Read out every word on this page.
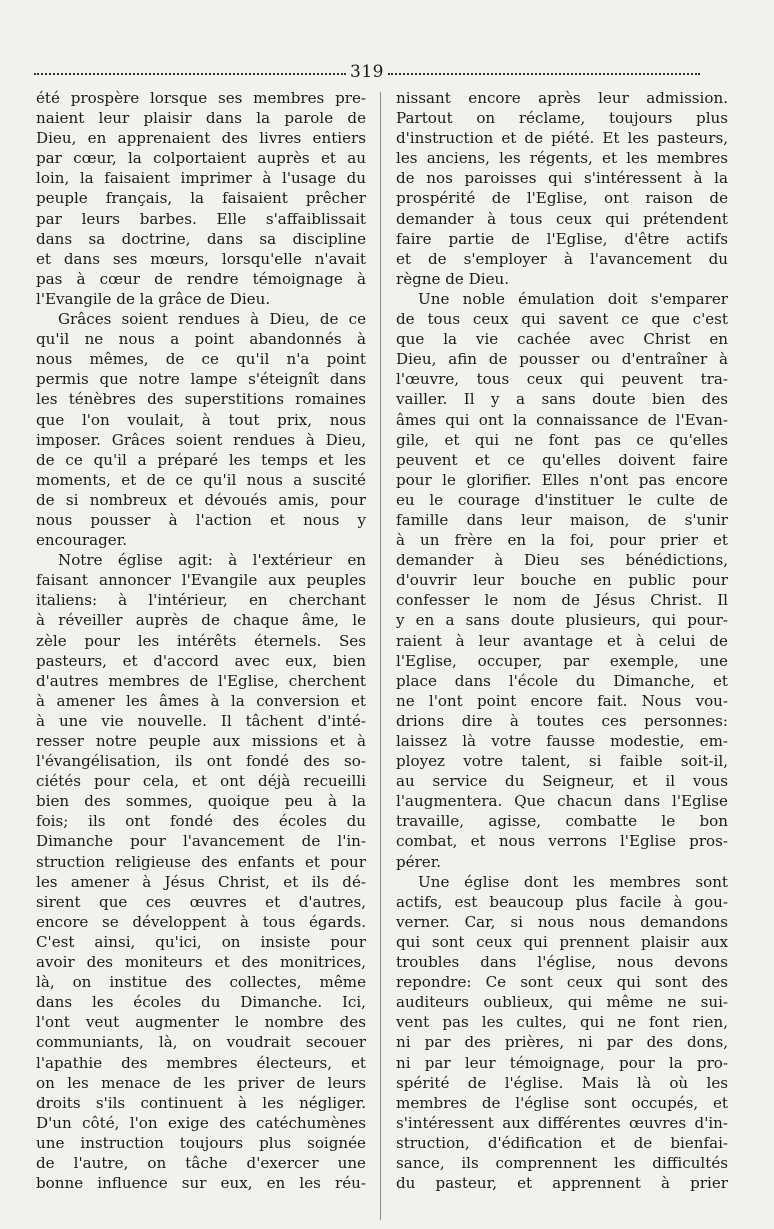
319
été prospère lorsque ses membres pre-
naient leur plaisir dans la parole de
Dieu, en apprenaient des livres entiers
par cœur, la colportaient auprès et au
loin, la faisaient imprimer à l'usage du
peuple français, la faisaient prêcher
par leurs barbes. Elle s'affaiblissait
dans sa doctrine, dans sa discipline
et dans ses mœurs, lorsqu'elle n'avait
pas à cœur de rendre témoignage à
l'Evangile de la grâce de Dieu.
Grâces soient rendues à Dieu, de ce
qu'il ne nous a point abandonnés à
nous mêmes, de ce qu'il n'a point
permis que notre lampe s'éteignît dans
les ténèbres des superstitions romaines
que l'on voulait, à tout prix, nous
imposer. Grâces soient rendues à Dieu,
de ce qu'il a préparé les temps et les
moments, et de ce qu'il nous a suscité
de si nombreux et dévoués amis, pour
nous pousser à l'action et nous y
encourager.
Notre église agit: à l'extérieur en
faisant annoncer l'Evangile aux peuples
italiens: à l'intérieur, en cherchant
à réveiller auprès de chaque âme, le
zèle pour les intérêts éternels. Ses
pasteurs, et d'accord avec eux, bien
d'autres membres de l'Eglise, cherchent
à amener les âmes à la conversion et
à une vie nouvelle. Il tâchent d'inté-
resser notre peuple aux missions et à
l'évangélisation, ils ont fondé des so-
ciétés pour cela, et ont déjà recueilli
bien des sommes, quoique peu à la
fois; ils ont fondé des écoles du
Dimanche pour l'avancement de l'in-
struction religieuse des enfants et pour
les amener à Jésus Christ, et ils dé-
sirent que ces œuvres et d'autres,
encore se développent à tous égards.
C'est ainsi, qu'ici, on insiste pour
avoir des moniteurs et des monitrices,
là, on institue des collectes, même
dans les écoles du Dimanche. Ici,
l'ont veut augmenter le nombre des
communiants, là, on voudrait secouer
l'apathie des membres électeurs, et
on les menace de les priver de leurs
droits s'ils continuent à les négliger.
D'un côté, l'on exige des catéchumènes
une instruction toujours plus soignée
de l'autre, on tâche d'exercer une
bonne influence sur eux, en les réu-
nissant encore après leur admission.
Partout on réclame, toujours plus
d'instruction et de piété. Et les pasteurs,
les anciens, les régents, et les membres
de nos paroisses qui s'intéressent à la
prospérité de l'Eglise, ont raison de
demander à tous ceux qui prétendent
faire partie de l'Eglise, d'être actifs
et de s'employer à l'avancement du
règne de Dieu.
Une noble émulation doit s'emparer
de tous ceux qui savent ce que c'est
que la vie cachée avec Christ en
Dieu, afin de pousser ou d'entraîner à
l'œuvre, tous ceux qui peuvent tra-
vailler. Il y a sans doute bien des
âmes qui ont la connaissance de l'Evan-
gile, et qui ne font pas ce qu'elles
peuvent et ce qu'elles doivent faire
pour le glorifier. Elles n'ont pas encore
eu le courage d'instituer le culte de
famille dans leur maison, de s'unir
à un frère en la foi, pour prier et
demander à Dieu ses bénédictions,
d'ouvrir leur bouche en public pour
confesser le nom de Jésus Christ. Il
y en a sans doute plusieurs, qui pour-
raient à leur avantage et à celui de
l'Eglise, occuper, par exemple, une
place dans l'école du Dimanche, et
ne l'ont point encore fait. Nous vou-
drions dire à toutes ces personnes:
laissez là votre fausse modestie, em-
ployez votre talent, si faible soit-il,
au service du Seigneur, et il vous
l'augmentera. Que chacun dans l'Eglise
travaille, agisse, combatte le bon
combat, et nous verrons l'Eglise pros-
pérer.
Une église dont les membres sont
actifs, est beaucoup plus facile à gou-
verner. Car, si nous nous demandons
qui sont ceux qui prennent plaisir aux
troubles dans l'église, nous devons
repondre: Ce sont ceux qui sont des
auditeurs oublieux, qui même ne sui-
vent pas les cultes, qui ne font rien,
ni par des prières, ni par des dons,
ni par leur témoignage, pour la pro-
spérité de l'église. Mais là où les
membres de l'église sont occupés, et
s'intéressent aux différentes œuvres d'in-
struction, d'édification et de bienfai-
sance, ils comprennent les difficultés
du pasteur, et apprennent à prier
